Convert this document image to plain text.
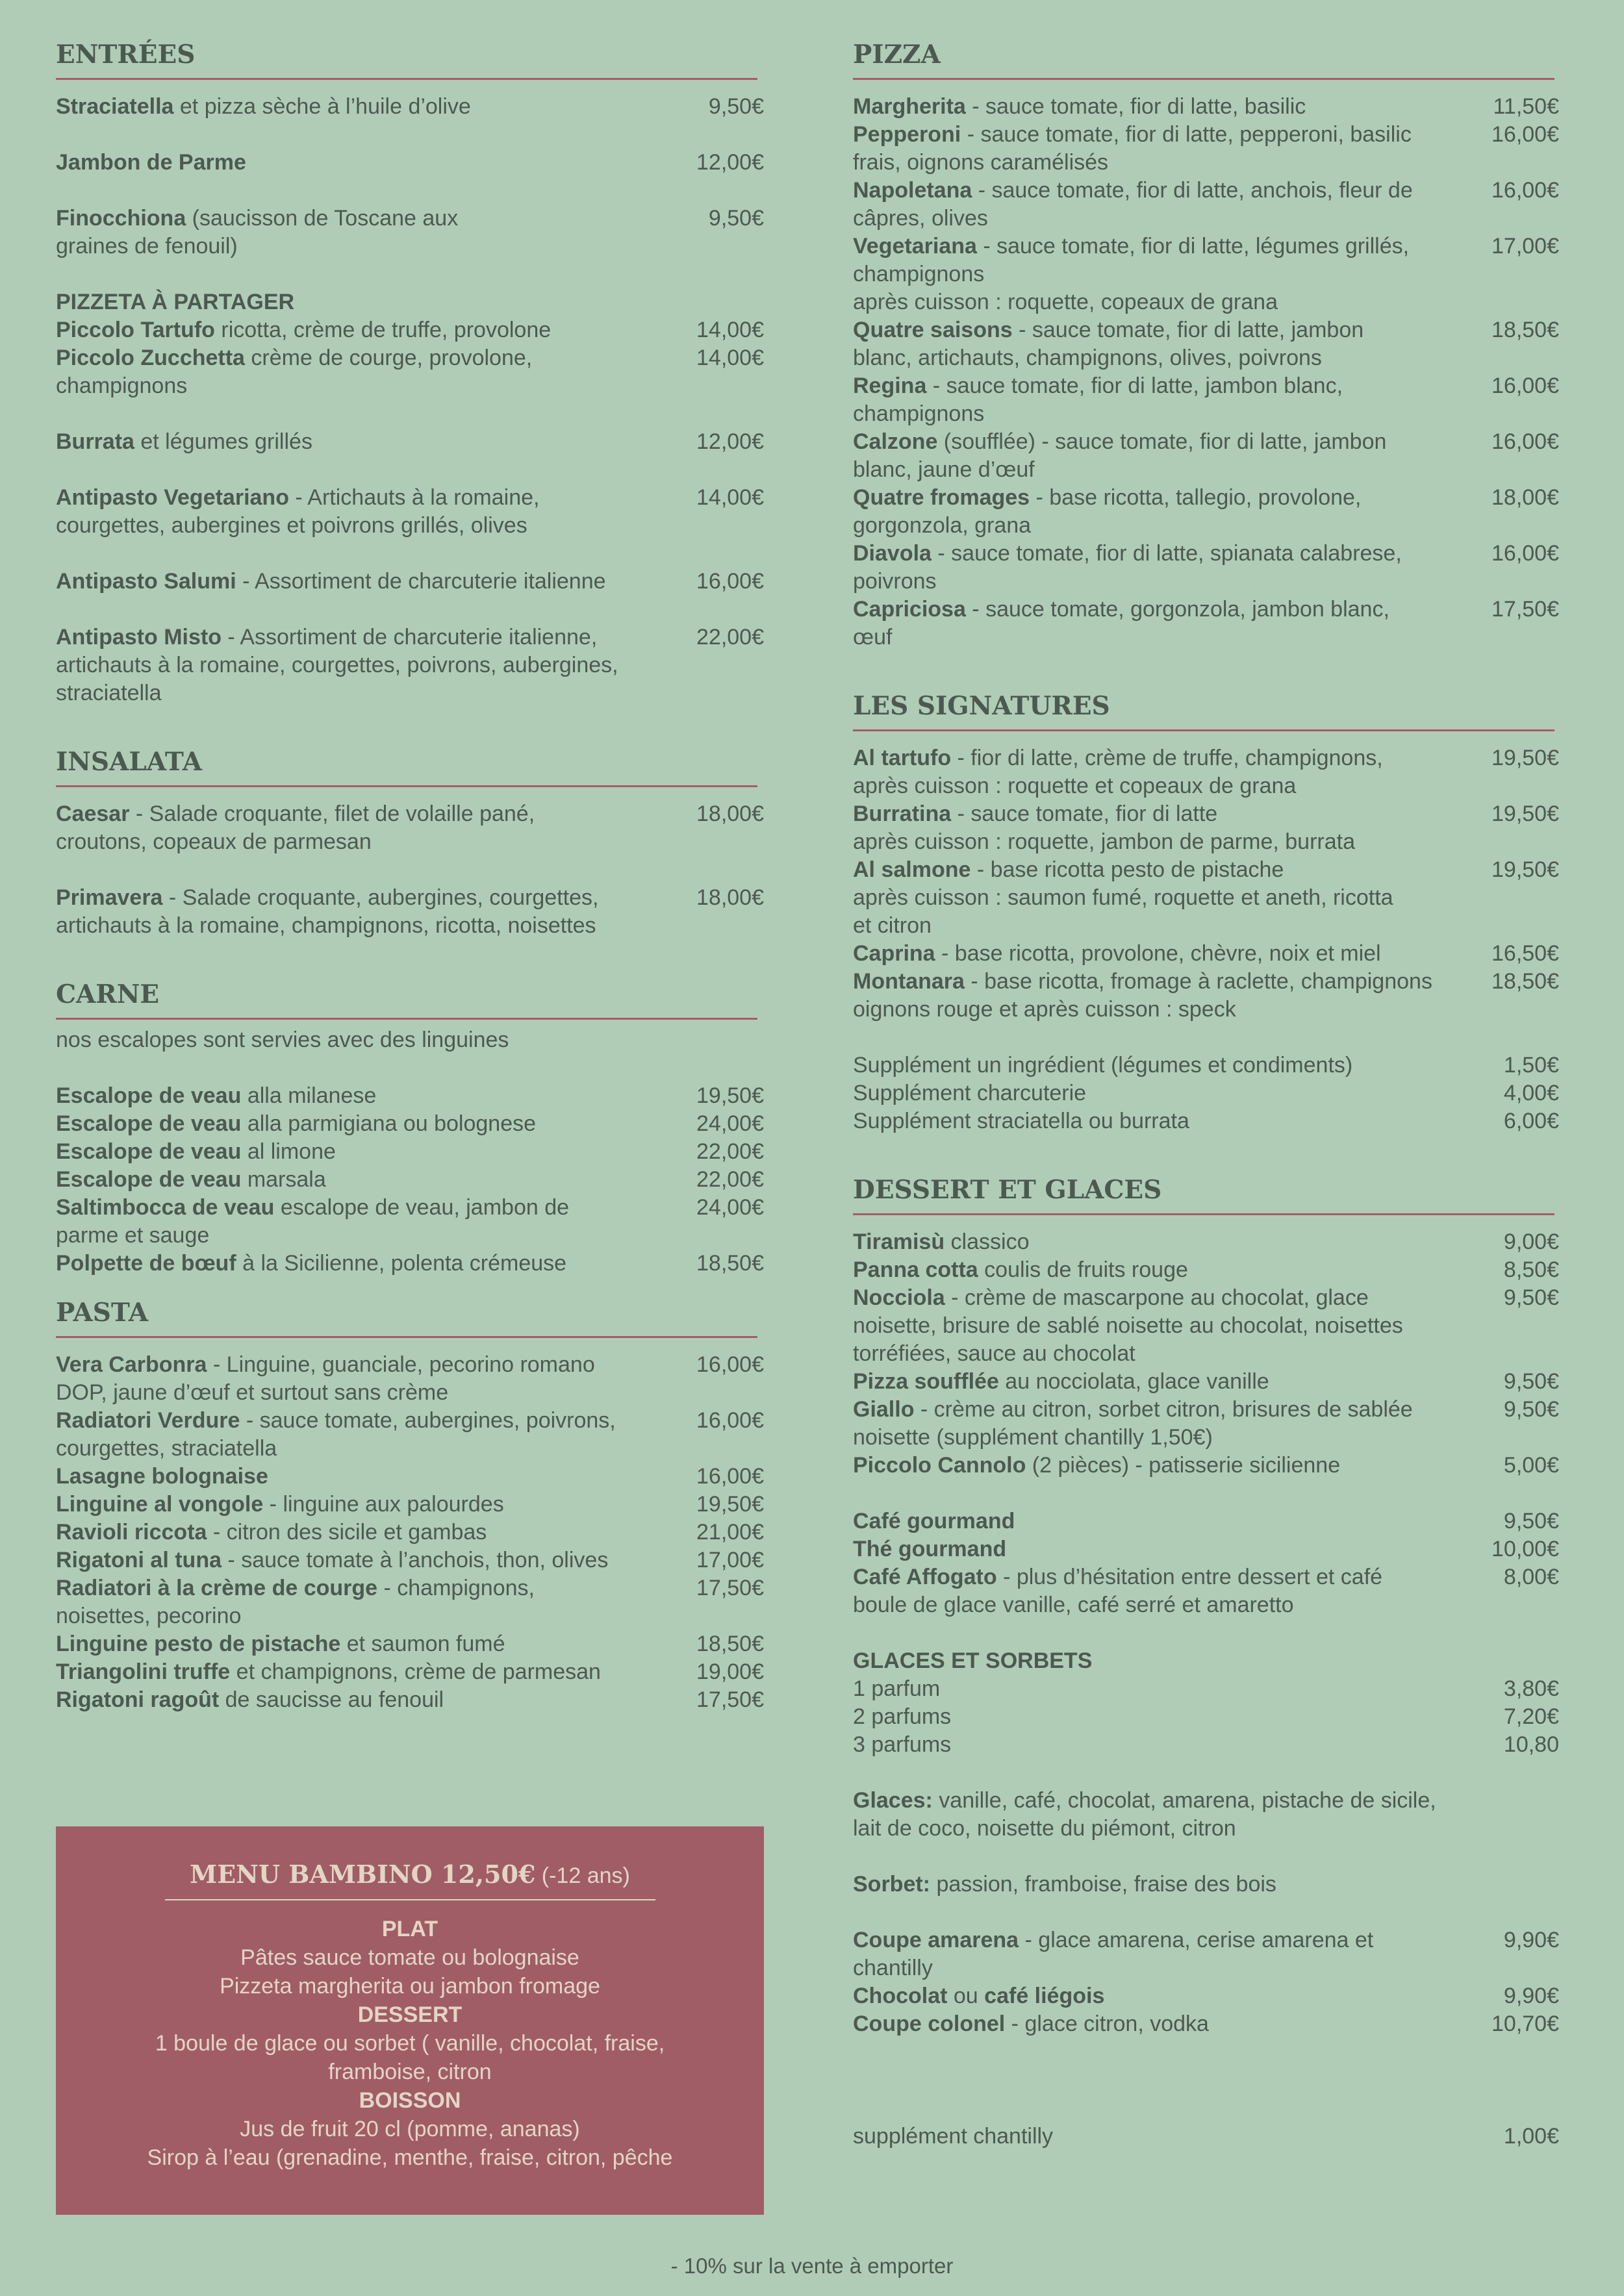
ENTRÉES
Straciatella et pizza sèche à l’huile d’olive	9,50€
Jambon de Parme	12,00€
Finocchiona (saucisson de Toscane aux graines de fenouil)
9,50€
PIZZETA À PARTAGER
Piccolo Tartufo ricotta, crème de truffe, provolone	14,00€
Piccolo Zucchetta crème de courge, provolone, champignons
14,00€
Burrata et légumes grillés	12,00€
Antipasto Vegetariano - Artichauts à la romaine, courgettes, aubergines et poivrons grillés, olives
14,00€
Antipasto Salumi - Assortiment de charcuterie italienne	16,00€
Antipasto Misto - Assortiment de charcuterie italienne, artichauts à la romaine, courgettes, poivrons, aubergines, straciatella
22,00€
INSALATA
Caesar - Salade croquante, filet de volaille pané, croutons, copeaux de parmesan
18,00€
Primavera - Salade croquante, aubergines, courgettes, artichauts à la romaine, champignons, ricotta, noisettes
18,00€
CARNE
nos escalopes sont servies avec des linguines
Escalope de veau alla milanese	19,50€
Escalope de veau alla parmigiana ou bolognese	24,00€
Escalope de veau al limone	22,00€
Escalope de veau marsala	22,00€
Saltimbocca de veau escalope de veau, jambon de parme et sauge
24,00€
Polpette de bœuf à la Sicilienne, polenta crémeuse	18,50€
PASTA
Vera Carbonra - Linguine, guanciale, pecorino romano DOP, jaune d’œuf et surtout sans crème
16,00€
Radiatori Verdure - sauce tomate, aubergines, poivrons, courgettes, straciatella
16,00€
Lasagne bolognaise	16,00€
Linguine al vongole - linguine aux palourdes	19,50€
Ravioli riccota - citron des sicile et gambas	21,00€
Rigatoni al tuna - sauce tomate à l’anchois, thon, olives	17,00€
Radiatori à la crème de courge - champignons, noisettes, pecorino
17,50€
Linguine pesto de pistache et saumon fumé	18,50€
Triangolini truffe et champignons, crème de parmesan	19,00€
Rigatoni ragoût de saucisse au fenouil	17,50€
MENU BAMBINO 12,50€ (-12 ans)
PLAT
Pâtes sauce tomate ou bolognaise
Pizzeta margherita ou jambon fromage
DESSERT
1 boule de glace ou sorbet ( vanille, chocolat, fraise, framboise, citron
BOISSON
Jus de fruit 20 cl (pomme, ananas)
Sirop à l’eau (grenadine, menthe, fraise, citron, pêche
PIZZA
Margherita - sauce tomate, fior di latte, basilic	11,50€
Pepperoni - sauce tomate, fior di latte, pepperoni, basilic frais, oignons caramélisés
16,00€
Napoletana - sauce tomate, fior di latte, anchois, fleur de câpres, olives
16,00€
Vegetariana - sauce tomate, fior di latte, légumes grillés, champignons
après cuisson : roquette, copeaux de grana
17,00€
Quatre saisons - sauce tomate, fior di latte, jambon blanc, artichauts, champignons, olives, poivrons
18,50€
Regina - sauce tomate, fior di latte, jambon blanc, champignons
16,00€
Calzone (soufflée) - sauce tomate, fior di latte, jambon blanc, jaune d’œuf
16,00€
Quatre fromages - base ricotta, tallegio, provolone, gorgonzola, grana
18,00€
Diavola - sauce tomate, fior di latte, spianata calabrese, poivrons
16,00€
Capriciosa - sauce tomate, gorgonzola, jambon blanc, œuf
17,50€
LES SIGNATURES
Al tartufo - fior di latte, crème de truffe, champignons,
après cuisson : roquette et copeaux de grana
19,50€
Burratina - sauce tomate, fior di latte
après cuisson : roquette, jambon de parme, burrata
19,50€
Al salmone - base ricotta pesto de pistache
après cuisson : saumon fumé, roquette et aneth, ricotta et citron
19,50€
Caprina - base ricotta, provolone, chèvre, noix et miel	16,50€
Montanara - base ricotta, fromage à raclette, champignons oignons rouge et après cuisson : speck
18,50€
Supplément un ingrédient (légumes et condiments)	1,50€
Supplément charcuterie	4,00€
Supplément straciatella ou burrata	6,00€
DESSERT ET GLACES
Tiramisù classico	9,00€
Panna cotta coulis de fruits rouge	8,50€
Nocciola - crème de mascarpone au chocolat, glace noisette, brisure de sablé noisette au chocolat, noisettes torréfiées, sauce au chocolat
9,50€
Pizza soufflée au nocciolata, glace vanille	9,50€
Giallo - crème au citron, sorbet citron, brisures de sablée noisette (supplément chantilly 1,50€)
9,50€
Piccolo Cannolo (2 pièces) - patisserie sicilienne	5,00€
Café gourmand	9,50€
Thé gourmand	10,00€
Café Affogato - plus d’hésitation entre dessert et café boule de glace vanille, café serré et amaretto
8,00€
GLACES ET SORBETS
1 parfum	3,80€
2 parfums	7,20€
3 parfums	10,80
Glaces: vanille, café, chocolat, amarena, pistache de sicile, lait de coco, noisette du piémont, citron
Sorbet: passion, framboise, fraise des bois
Coupe amarena - glace amarena, cerise amarena et chantilly
9,90€
Chocolat ou café liégois	9,90€
Coupe colonel - glace citron, vodka	10,70€
supplément chantilly	1,00€
- 10% sur la vente à emporter
